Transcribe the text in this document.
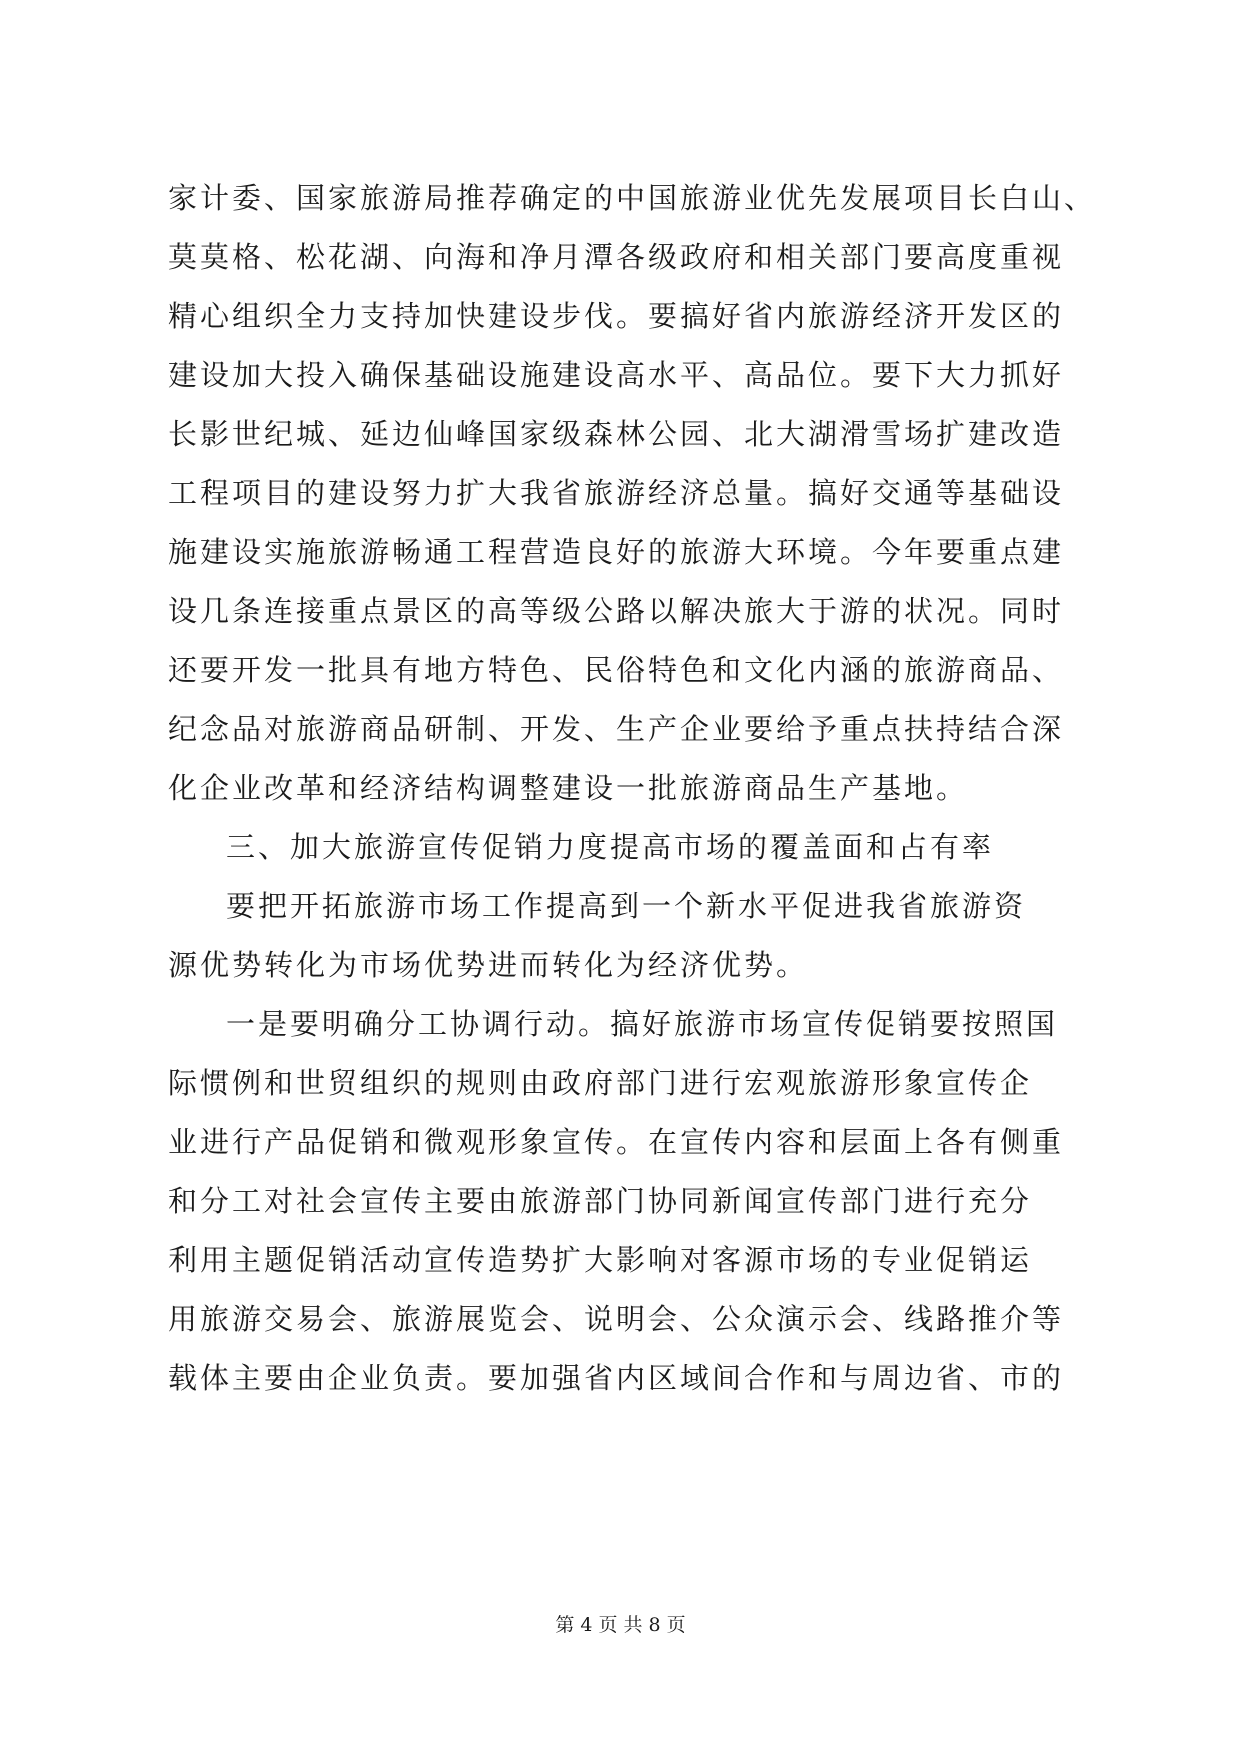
家计委、国家旅游局推荐确定的中国旅游业优先发展项目长白山、
莫莫格、松花湖、向海和净月潭各级政府和相关部门要高度重视
精心组织全力支持加快建设步伐。要搞好省内旅游经济开发区的
建设加大投入确保基础设施建设高水平、高品位。要下大力抓好
长影世纪城、延边仙峰国家级森林公园、北大湖滑雪场扩建改造
工程项目的建设努力扩大我省旅游经济总量。搞好交通等基础设
施建设实施旅游畅通工程营造良好的旅游大环境。今年要重点建
设几条连接重点景区的高等级公路以解决旅大于游的状况。同时
还要开发一批具有地方特色、民俗特色和文化内涵的旅游商品、
纪念品对旅游商品研制、开发、生产企业要给予重点扶持结合深
化企业改革和经济结构调整建设一批旅游商品生产基地。
三、加大旅游宣传促销力度提高市场的覆盖面和占有率
要把开拓旅游市场工作提高到一个新水平促进我省旅游资
源优势转化为市场优势进而转化为经济优势。
一是要明确分工协调行动。搞好旅游市场宣传促销要按照国
际惯例和世贸组织的规则由政府部门进行宏观旅游形象宣传企
业进行产品促销和微观形象宣传。在宣传内容和层面上各有侧重
和分工对社会宣传主要由旅游部门协同新闻宣传部门进行充分
利用主题促销活动宣传造势扩大影响对客源市场的专业促销运
用旅游交易会、旅游展览会、说明会、公众演示会、线路推介等
载体主要由企业负责。要加强省内区域间合作和与周边省、市的
第 4 页 共 8 页
